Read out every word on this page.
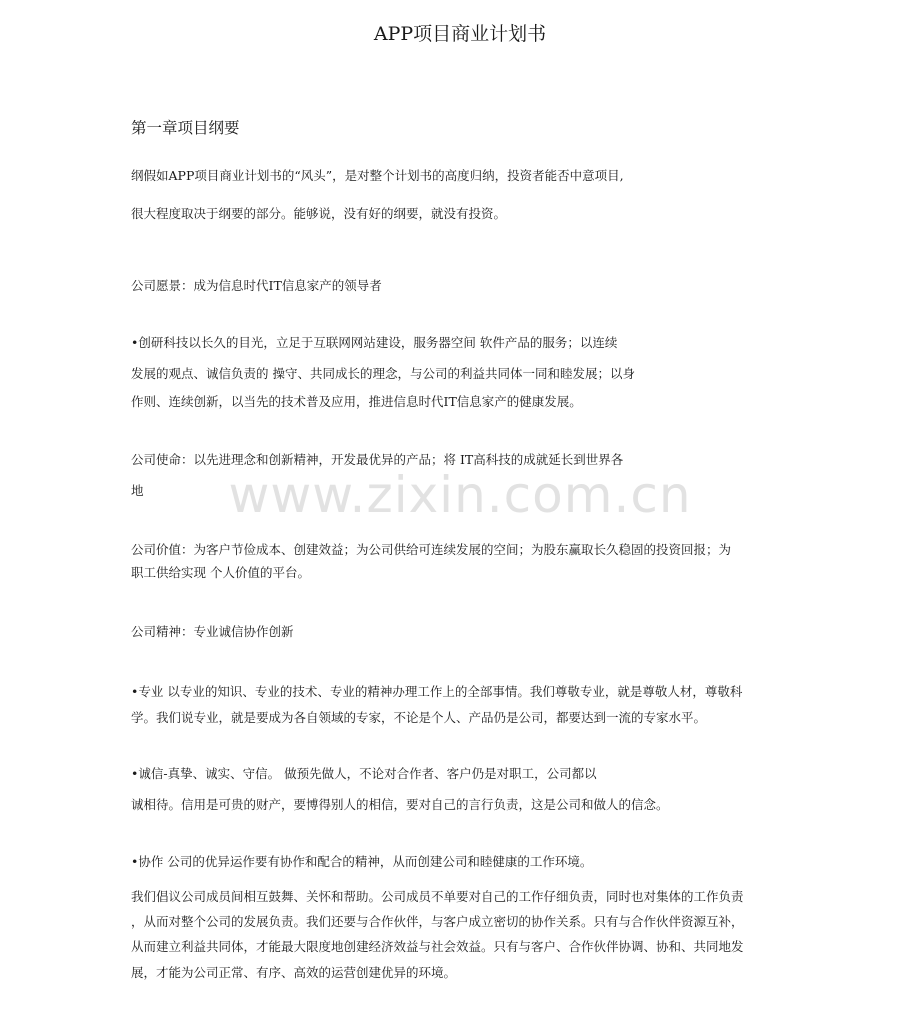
www.zixin.com.cn
APP项目商业计划书
第一章项目纲要
纲假如APP项目商业计划书的“风头”，是对整个计划书的高度归纳，投资者能否中意项目,
很大程度取决于纲要的部分。能够说，没有好的纲要，就没有投资。
公司愿景：成为信息时代IT信息家产的领导者
•创研科技以长久的目光，立足于互联网网站建设，服务器空间 软件产品的服务；以连续
发展的观点、诚信负责的 操守、共同成长的理念，与公司的利益共同体一同和睦发展；以身
作则、连续创新，以当先的技术普及应用，推进信息时代IT信息家产的健康发展。
公司使命：以先进理念和创新精神，开发最优异的产品；将 IT高科技的成就延长到世界各
地
公司价值：为客户节俭成本、创建效益；为公司供给可连续发展的空间；为股东赢取长久稳固的投资回报；为
职工供给实现 个人价值的平台。
公司精神：专业诚信协作创新
•专业 以专业的知识、专业的技术、专业的精神办理工作上的全部事情。我们尊敬专业，就是尊敬人材，尊敬科
学。我们说专业，就是要成为各自领域的专家，不论是个人、产品仍是公司，都要达到一流的专家水平。
•诚信-真挚、诚实、守信。 做预先做人，不论对合作者、客户仍是对职工，公司都以
诚相待。信用是可贵的财产，要博得别人的相信，要对自己的言行负责，这是公司和做人的信念。
•协作 公司的优异运作要有协作和配合的精神，从而创建公司和睦健康的工作环境。
我们倡议公司成员间相互鼓舞、关怀和帮助。公司成员不单要对自己的工作仔细负责，同时也对集体的工作负责
，从而对整个公司的发展负责。我们还要与合作伙伴，与客户成立密切的协作关系。只有与合作伙伴资源互补，
从而建立利益共同体，才能最大限度地创建经济效益与社会效益。只有与客户、合作伙伴协调、协和、共同地发
展，才能为公司正常、有序、高效的运营创建优异的环境。
